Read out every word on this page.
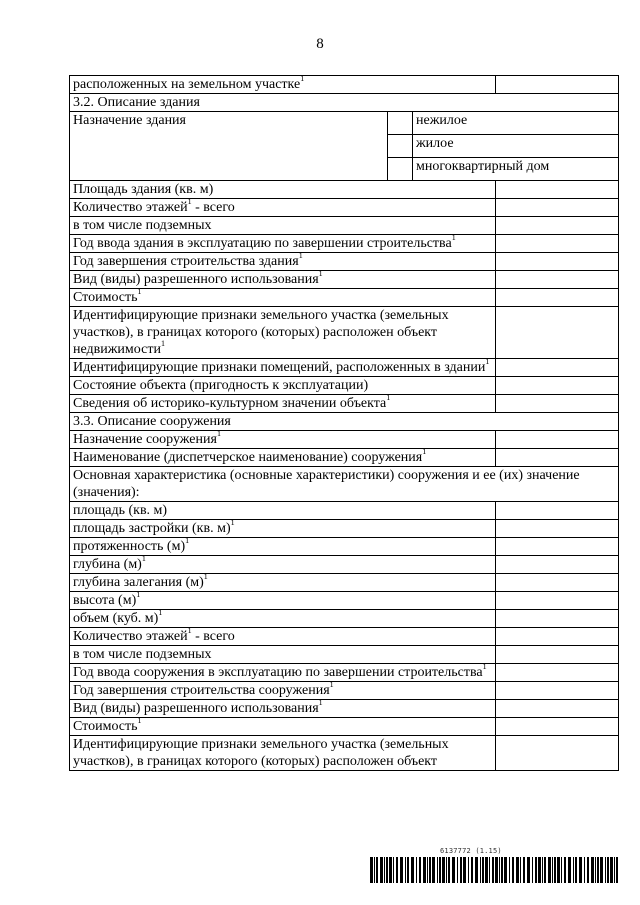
8
расположенных на земельном участке$^1$	
3.2. Описание здания			
Назначение здания		нежилое	
		жилое	
		многоквартирный дом	
Площадь здания (кв. м)			
Количество этажей$^1$ - всего			
в том числе подземных			
Год ввода здания в эксплуатацию по завершении строительства$^1$	
Год завершения строительства здания$^1$	
Вид (виды) разрешенного использования$^1$	
Стоимость$^1$	
Идентифицирующие признаки земельного участка (земельных участков), в границах которого (которых) расположен объект недвижимости$^1$	
Идентифицирующие признаки помещений, расположенных в здании$^1$	
Состояние объекта (пригодность к эксплуатации)			
Сведения об историко-культурном значении объекта$^1$	
3.3. Описание сооружения			
Назначение сооружения$^1$	
Наименование (диспетчерское наименование) сооружения$^1$	
Основная характеристика (основные характеристики) сооружения и ее (их) значение (значения):			
площадь (кв. м)			
площадь застройки (кв. м)$^1$	
протяженность $(м)^1$	
глубина $(м)^1$	
глубина залегания $(м)^1$	
высота $(м)^1$	
объем (куб. м)$^1$	
Количество этажей$^1$ - всего			
в том числе подземных			
Год ввода сооружения в эксплуатацию по завершении строительства$^1$	
Год завершения строительства сооружения$^1$	
Вид (виды) разрешенного использования$^1$	
Стоимость$^1$	
Идентифицирующие признаки земельного участка (земельных участков), в границах которого (которых) расположен объект			
6137772 (1.15)
